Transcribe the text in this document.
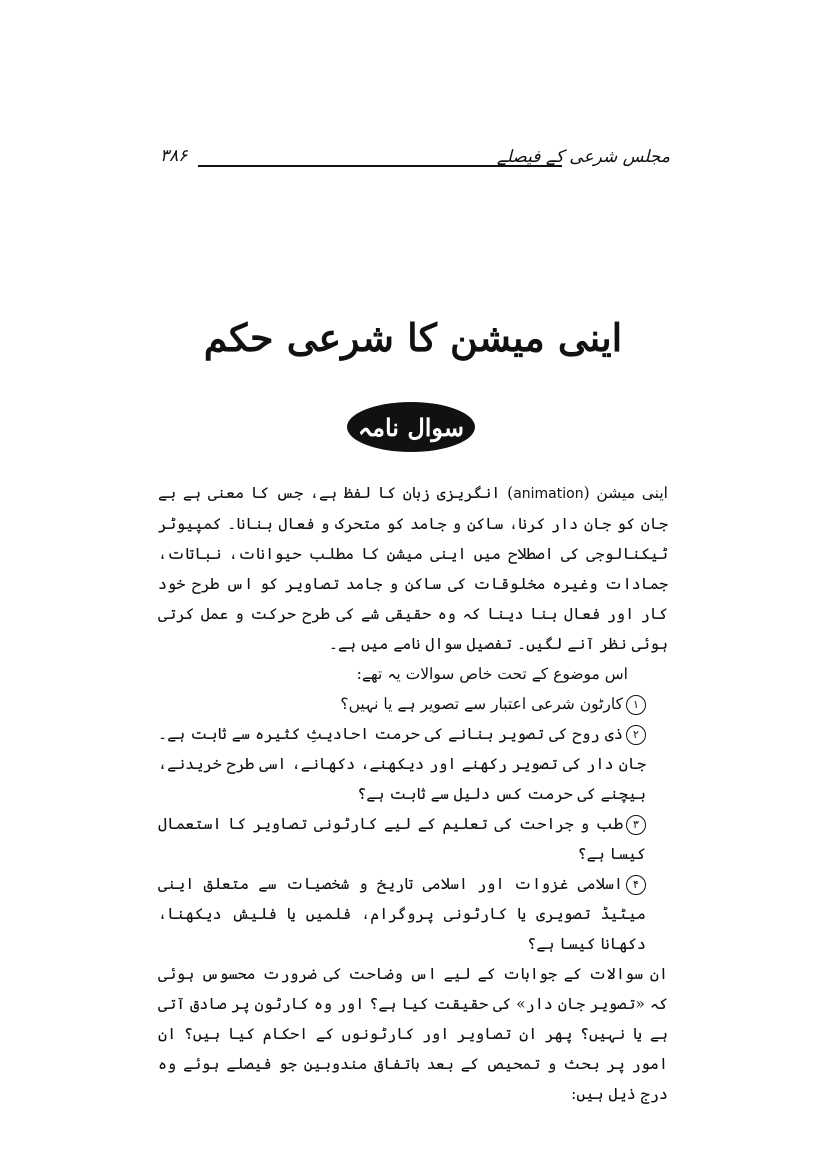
مجلس شرعی کے فیصلے
۳۸۶
اینی میشن کا شرعی حکم
سوال نامہ

اینی میشن (animation) انگریزی زبان کا لفظ ہے، جس کا معنی ہے بے جان کو جان دار کرنا، ساکن و جامد کو متحرک و فعال بنانا۔ کمپیوٹر ٹیکنالوجی کی اصطلاح میں اینی میشن کا مطلب حیوانات، نباتات، جمادات وغیرہ مخلوقات کی ساکن و جامد تصاویر کو اس طرح خود کار اور فعال بنا دینا کہ وہ حقیقی شے کی طرح حرکت و عمل کرتی ہوئی نظر آنے لگیں۔ تفصیل سوال نامے میں ہے۔

اس موضوع کے تحت خاص سوالات یہ تھے:

۱کارٹون شرعی اعتبار سے تصویر ہے یا نہیں؟

۲ذی روح کی تصویر بنانے کی حرمت احادیثِ کثیرہ سے ثابت ہے۔ جان دار کی تصویر رکھنے اور دیکھنے، دکھانے، اسی طرح خریدنے، بیچنے کی حرمت کس دلیل سے ثابت ہے؟

۳طب و جراحت کی تعلیم کے لیے کارٹونی تصاویر کا استعمال کیسا ہے؟

۴اسلامی غزوات اور اسلامی تاریخ و شخصیات سے متعلق اینی میٹیڈ تصویری یا کارٹونی پروگرام، فلمیں یا فلیش دیکھنا، دکھانا کیسا ہے؟

ان سوالات کے جوابات کے لیے اس وضاحت کی ضرورت محسوس ہوئی کہ «تصویر جان دار» کی حقیقت کیا ہے؟ اور وہ کارٹون پر صادق آتی ہے یا نہیں؟ پھر ان تصاویر اور کارٹونوں کے احکام کیا ہیں؟ ان امور پر بحث و تمحیص کے بعد باتفاق مندوبین جو فیصلے ہوئے وہ درج ذیل ہیں:
